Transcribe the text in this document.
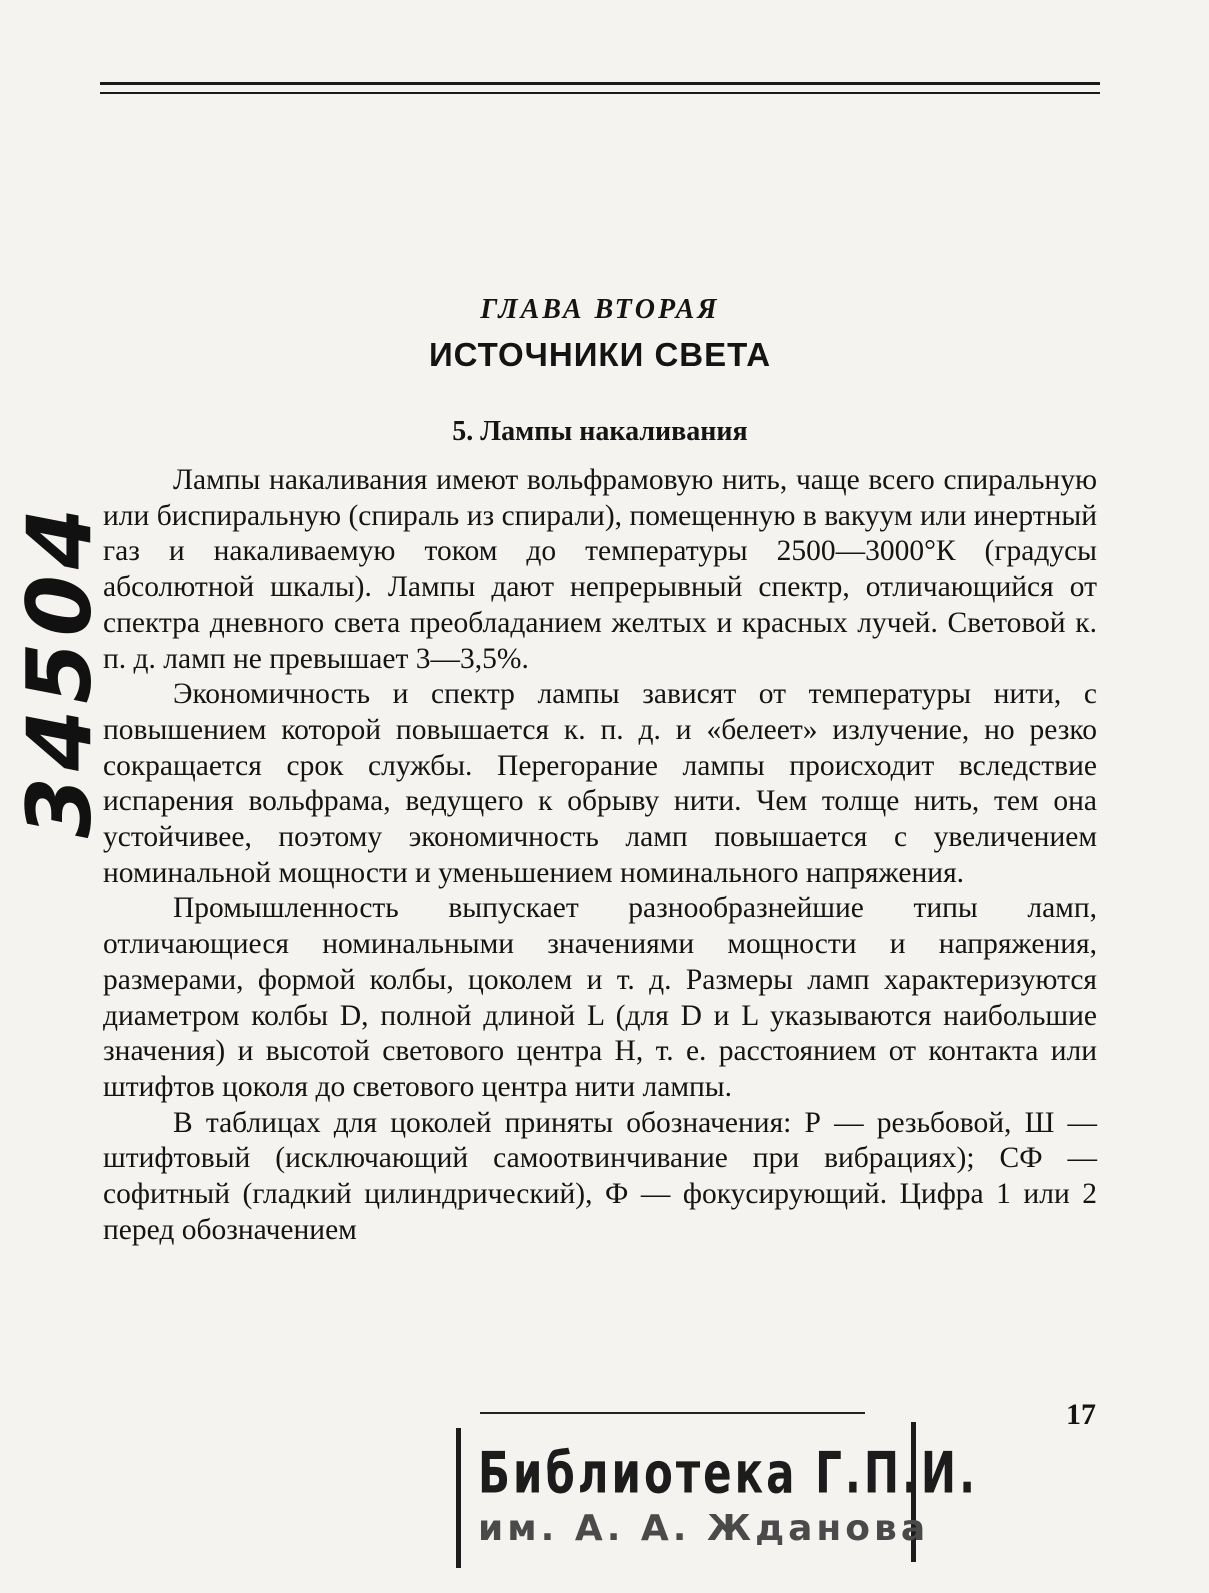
34504
ГЛАВА ВТОРАЯ
ИСТОЧНИКИ СВЕТА
5. Лампы накаливания

Лампы накаливания имеют вольфрамовую нить, чаще всего спиральную или биспиральную (спираль из спирали), помещенную в вакуум или инертный газ и накаливаемую током до температуры 2500—3000°К (градусы абсолютной шкалы). Лампы дают непрерывный спектр, отличающийся от спектра дневного света преобладанием желтых и красных лучей. Световой к. п. д. ламп не превышает 3—3,5%.

Экономичность и спектр лампы зависят от температуры нити, с повышением которой повышается к. п. д. и «белеет» излучение, но резко сокращается срок службы. Перегорание лампы происходит вследствие испарения вольфрама, ведущего к обрыву нити. Чем толще нить, тем она устойчивее, поэтому экономичность ламп повышается с увеличением номинальной мощности и уменьшением номинального напряжения.

Промышленность выпускает разнообразнейшие типы ламп, отличающиеся номинальными значениями мощности и напряжения, размерами, формой колбы, цоколем и т. д. Размеры ламп характеризуются диаметром колбы D, полной длиной L (для D и L указываются наибольшие значения) и высотой светового центра H, т. е. расстоянием от контакта или штифтов цоколя до светового центра нити лампы.

В таблицах для цоколей приняты обозначения: Р — резьбовой, Ш — штифтовый (исключающий самоотвинчивание при вибрациях); СФ — софитный (гладкий цилиндрический), Ф — фокусирующий. Цифра 1 или 2 перед обозначением

17
Библиотека Г.П.И.
им. А. А. Жданова
